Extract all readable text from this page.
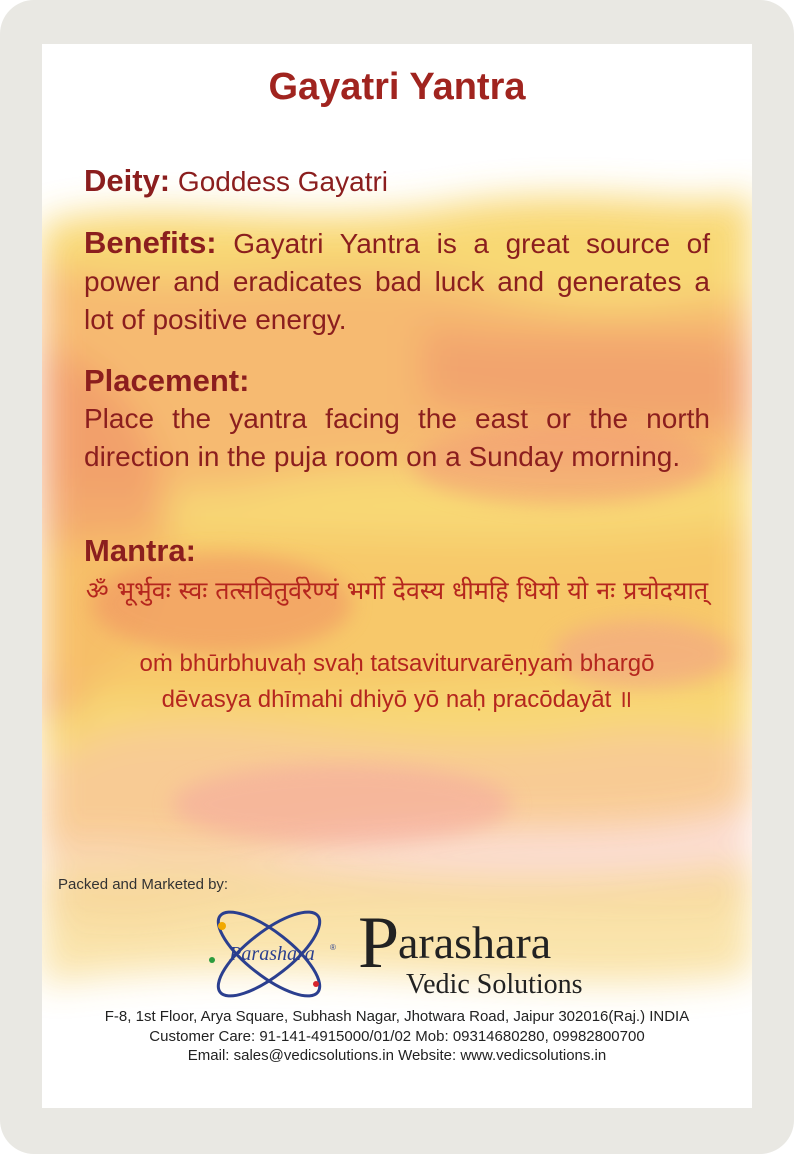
Gayatri Yantra
Deity: Goddess Gayatri
Benefits: Gayatri Yantra is a great source of power and eradicates bad luck and generates a lot of positive energy.
Placement:
Place the yantra facing the east or the north direction in the puja room on a Sunday morning.
Mantra:
ॐ भूर्भुवः स्वः तत्सवितुर्वरेण्यं भर्गो देवस्य धीमहि धियो यो नः प्रचोदयात्
oṁ bhūrbhuvaḥ svaḥ tatsaviturvarēṇyaṁ bhargō
dēvasya dhīmahi dhiyō yō naḥ pracōdayāt ॥
Packed and Marketed by:
Parashara ® P
arashara
Vedic Solutions
F-8, 1st Floor, Arya Square, Subhash Nagar, Jhotwara Road, Jaipur 302016(Raj.) INDIA
Customer Care: 91-141-4915000/01/02 Mob: 09314680280, 09982800700
Email: sales@vedicsolutions.in Website: www.vedicsolutions.in
